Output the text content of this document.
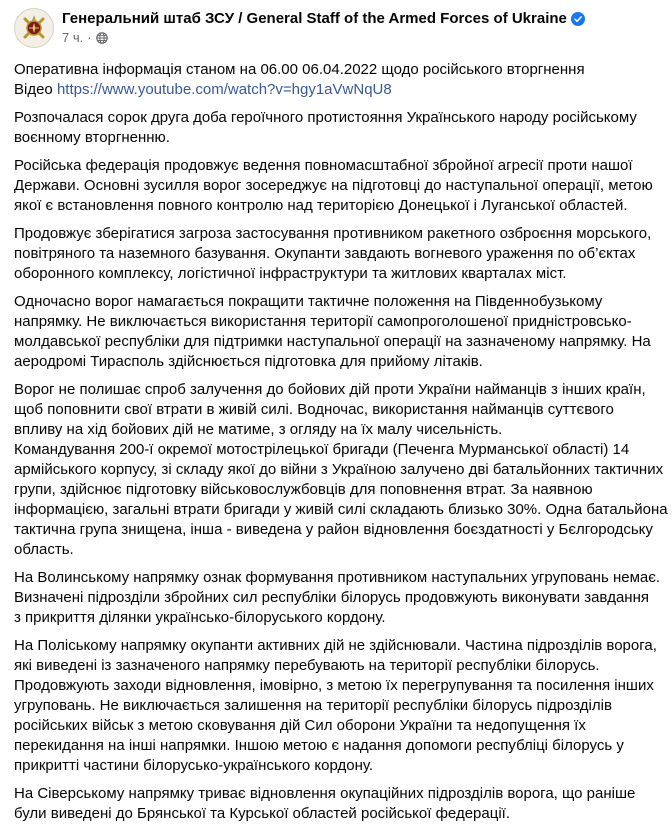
Генеральний штаб ЗСУ / General Staff of the Armed Forces of Ukraine
7 ч. ·

Оперативна інформація станом на 06.00 06.04.2022 щодо російського вторгнення
Відео https://www.youtube.com/watch?v=hgy1aVwNqU8

Розпочалася сорок друга доба героїчного протистояння Українського народу російському
воєнному вторгненню.

Російська федерація продовжує ведення повномасштабної збройної агресії проти нашої
Держави. Основні зусилля ворог зосереджує на підготовці до наступальної операції, метою
якої є встановлення повного контролю над територією Донецької і Луганської областей.

Продовжує зберігатися загроза застосування противником ракетного озброєння морського,
повітряного та наземного базування. Окупанти завдають вогневого ураження по об’єктах
оборонного комплексу, логістичної інфраструктури та житлових кварталах міст.

Одночасно ворог намагається покращити тактичне положення на Південнобузькому
напрямку. Не виключається використання території самопроголошеної придністровсько-
молдавської республіки для підтримки наступальної операції на зазначеному напрямку. На
аеродромі Тирасполь здійснюється підготовка для прийому літаків.

Ворог не полишає спроб залучення до бойових дій проти України найманців з інших країн,
щоб поповнити свої втрати в живій силі. Водночас, використання найманців суттєвого
впливу на хід бойових дій не матиме, з огляду на їх малу чисельність.
Командування 200-ї окремої мотострілецької бригади (Печенга Мурманської області) 14
армійського корпусу, зі складу якої до війни з Україною залучено дві батальйонних тактичних
групи, здійснює підготовку військовослужбовців для поповнення втрат. За наявною
інформацією, загальні втрати бригади у живій силі складають близько 30%. Одна батальйона
тактична група знищена, інша - виведена у район відновлення боєздатності у Бєлгородську
область.

На Волинському напрямку ознак формування противником наступальних угруповань немає.
Визначені підрозділи збройних сил республіки білорусь продовжують виконувати завдання
з прикриття ділянки українсько-білоруського кордону.

На Поліському напрямку окупанти активних дій не здійснювали. Частина підрозділів ворога,
які виведені із зазначеного напрямку перебувають на території республіки білорусь.
Продовжують заходи відновлення, імовірно, з метою їх перегрупування та посилення інших
угруповань. Не виключається залишення на території республіки білорусь підрозділів
російських військ з метою сковування дій Сил оборони України та недопущення їх
перекидання на інші напрямки. Іншою метою є надання допомоги республіці білорусь у
прикритті частини білорусько-українського кордону.

На Сіверському напрямку триває відновлення окупаційних підрозділів ворога, що раніше
були виведені до Брянської та Курської областей російської федерації.
